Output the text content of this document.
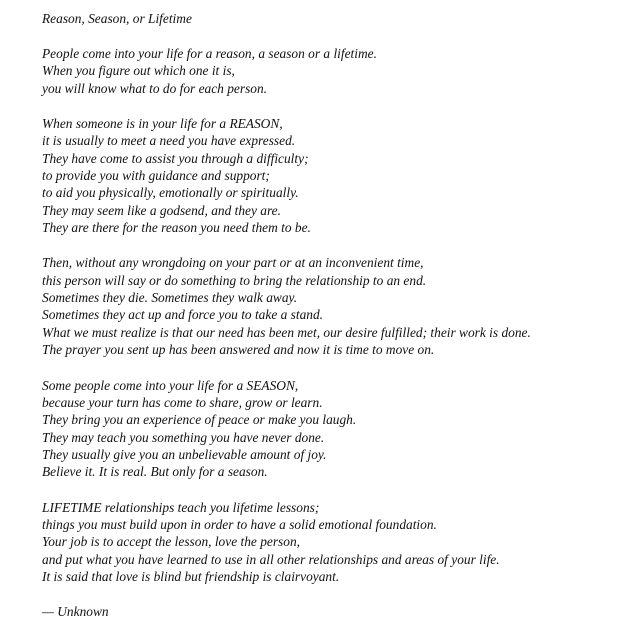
Reason, Season, or Lifetime
People come into your life for a reason, a season or a lifetime.
When you figure out which one it is,
you will know what to do for each person.
When someone is in your life for a REASON,
it is usually to meet a need you have expressed.
They have come to assist you through a difficulty;
to provide you with guidance and support;
to aid you physically, emotionally or spiritually.
They may seem like a godsend, and they are.
They are there for the reason you need them to be.
Then, without any wrongdoing on your part or at an inconvenient time,
this person will say or do something to bring the relationship to an end.
Sometimes they die. Sometimes they walk away.
Sometimes they act up and force you to take a stand.
What we must realize is that our need has been met, our desire fulfilled; their work is done.
The prayer you sent up has been answered and now it is time to move on.
Some people come into your life for a SEASON,
because your turn has come to share, grow or learn.
They bring you an experience of peace or make you laugh.
They may teach you something you have never done.
They usually give you an unbelievable amount of joy.
Believe it. It is real. But only for a season.
LIFETIME relationships teach you lifetime lessons;
things you must build upon in order to have a solid emotional foundation.
Your job is to accept the lesson, love the person,
and put what you have learned to use in all other relationships and areas of your life.
It is said that love is blind but friendship is clairvoyant.
— Unknown
